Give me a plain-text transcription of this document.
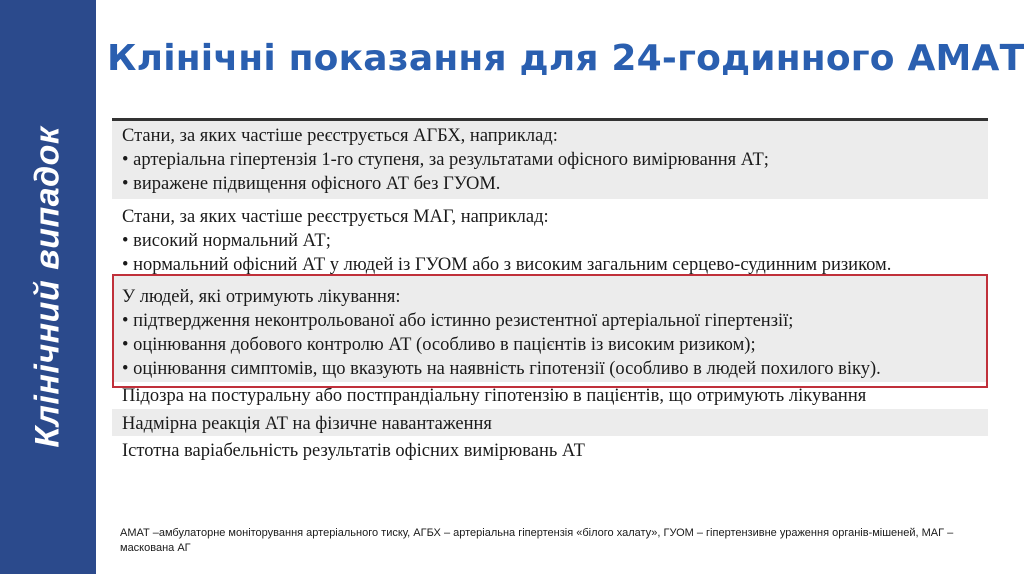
Клінічний випадок
Клінічні показання для 24-годинного АМАТ
Стани, за яких частіше реєструється АГБХ, наприклад:
• артеріальна гіпертензія 1-го ступеня, за результатами офісного вимірювання АТ;
• виражене підвищення офісного АТ без ГУОМ.
Стани, за яких частіше реєструється МАГ, наприклад:
• високий нормальний АТ;
• нормальний офісний АТ у людей із ГУОМ або з високим загальним серцево-судинним ризиком.
У людей, які отримують лікування:
• підтвердження неконтрольованої або істинно резистентної артеріальної гіпертензії;
• оцінювання добового контролю АТ (особливо в пацієнтів із високим ризиком);
• оцінювання симптомів, що вказують на наявність гіпотензії (особливо в людей похилого віку).
Підозра на постуральну або постпрандіальну гіпотензію в пацієнтів, що отримують лікування
Надмірна реакція АТ на фізичне навантаження
Істотна варіабельність результатів офісних вимірювань АТ
АМАТ –амбулаторне моніторування артеріального тиску, АГБХ – артеріальна гіпертензія «білого халату», ГУОМ – гіпертензивне ураження органів-мішеней, МАГ – маскована АГ
